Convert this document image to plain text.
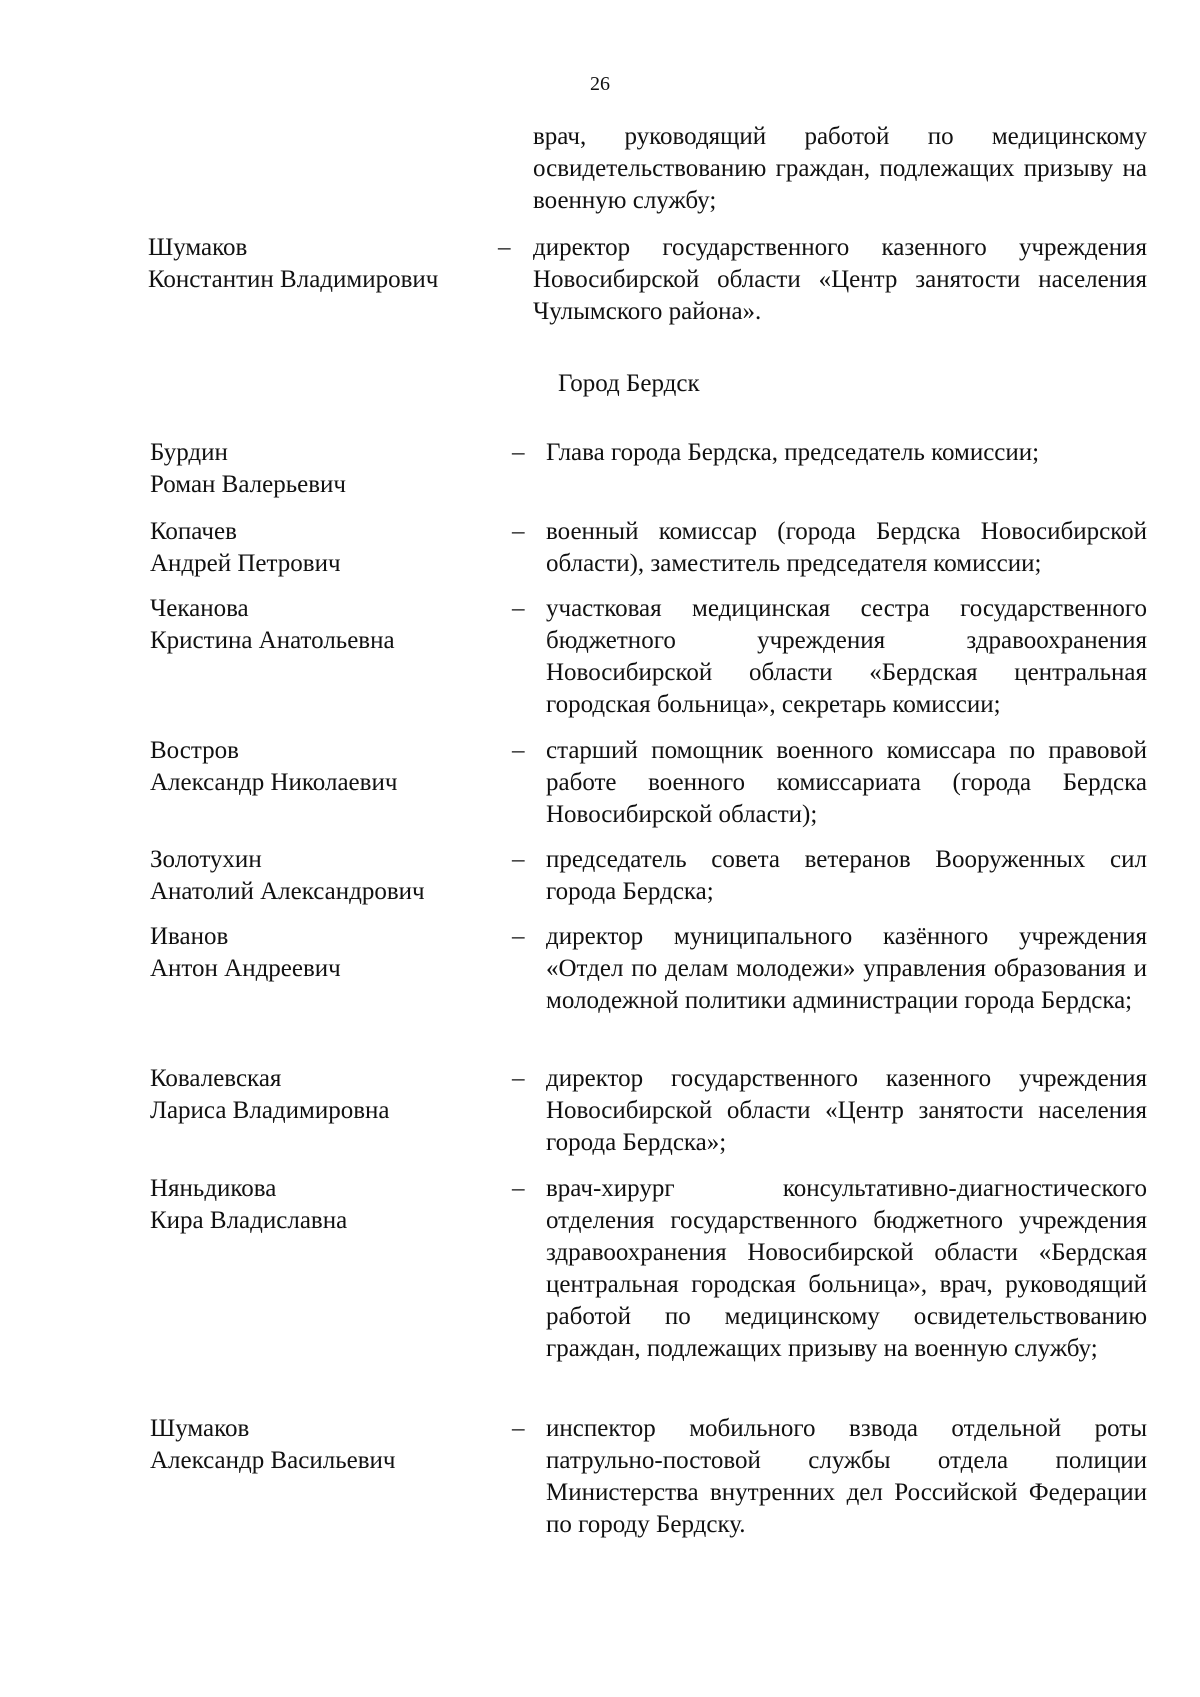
26
врач, руководящий работой по медицинскому освидетельствованию граждан, подлежащих призыву на военную службу;
Шумаков
Константин Владимирович
– директор государственного казенного учреждения Новосибирской области «Центр занятости населения Чулымского района».
Город Бердск
Бурдин
Роман Валерьевич
– Глава города Бердска, председатель комиссии;
Копачев
Андрей Петрович
– военный комиссар (города Бердска Новосибирской области), заместитель председателя комиссии;
Чеканова
Кристина Анатольевна
– участковая медицинская сестра государственного бюджетного учреждения здравоохранения Новосибирской области «Бердская центральная городская больница», секретарь комиссии;
Востров
Александр Николаевич
– старший помощник военного комиссара по правовой работе военного комиссариата (города Бердска Новосибирской области);
Золотухин
Анатолий Александрович
– председатель совета ветеранов Вооруженных сил города Бердска;
Иванов
Антон Андреевич
– директор муниципального казённого учреждения «Отдел по делам молодежи» управления образования и молодежной политики администрации города Бердска;
Ковалевская
Лариса Владимировна
– директор государственного казенного учреждения Новосибирской области «Центр занятости населения города Бердска»;
Няньдикова
Кира Владиславна
– врач-хирург консультативно-диагностического отделения государственного бюджетного учреждения здравоохранения Новосибирской области «Бердская центральная городская больница», врач, руководящий работой по медицинскому освидетельствованию граждан, подлежащих призыву на военную службу;
Шумаков
Александр Васильевич
– инспектор мобильного взвода отдельной роты патрульно-постовой службы отдела полиции Министерства внутренних дел Российской Федерации по городу Бердску.
